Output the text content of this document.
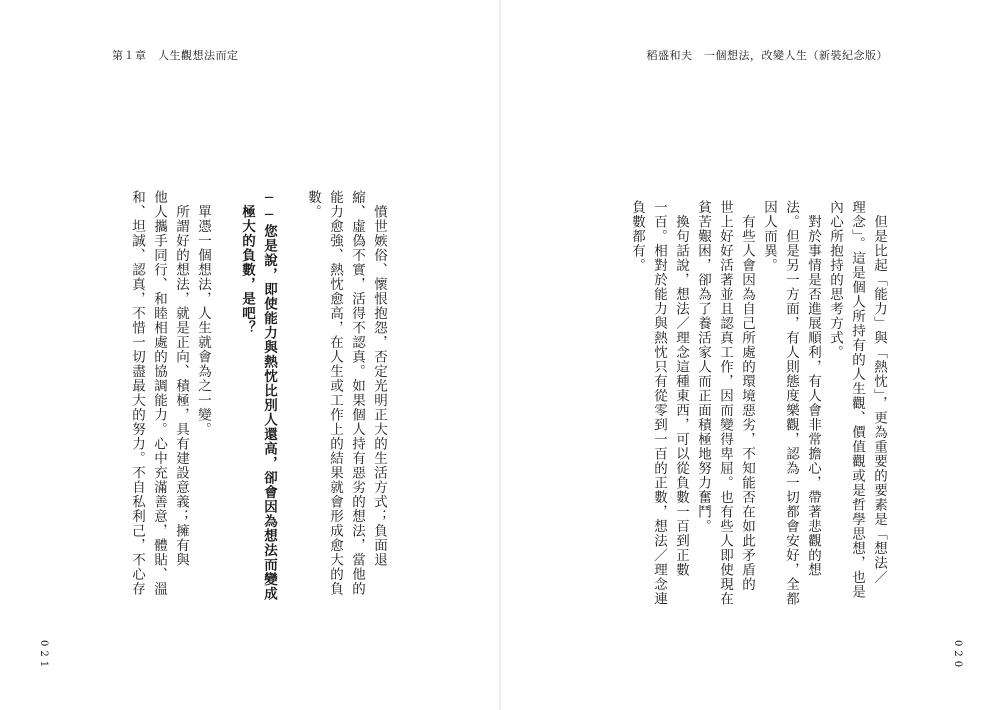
第１章　人生觀想法而定	稻盛和夫　一個想法，改變人生（新裝紀念版）
　但是比起「能力」與「熱忱」，更為重要的要素是「想法／
理念」。這是個人所持有的人生觀、價值觀或是哲學思想，也是
內心所抱持的思考方式。
　對於事情是否進展順利，有人會非常擔心，帶著悲觀的想
法。但是另一方面，有人則態度樂觀，認為一切都會安好，全都
因人而異。
　有些人會因為自己所處的環境惡劣，不知能否在如此矛盾的
世上好好活著並且認真工作，因而變得卑屈。也有些人即使現在
貧苦艱困，卻為了養活家人而正面積極地努力奮鬥。
　換句話說，想法／理念這種東西，可以從負數一百到正數
一百。相對於能力與熱忱只有從零到一百的正數，想法／理念連
負數都有。
　憤世嫉俗、懷恨抱怨，否定光明正大的生活方式；負面退
縮、虛偽不實，活得不認真。如果個人持有惡劣的想法，當他的
能力愈強、熱忱愈高，在人生或工作上的結果就會形成愈大的負
數。
──您是說，即使能力與熱忱比別人還高，卻會因為想法而變成
　極大的負數，是吧？
　單憑一個想法，人生就會為之一變。
　所謂好的想法，就是正向、積極，具有建設意義；擁有與
他人攜手同行、和睦相處的協調能力。心中充滿善意，體貼、溫
和、坦誠、認真，不惜一切盡最大的努力。不自私利己，不心存
021	020
